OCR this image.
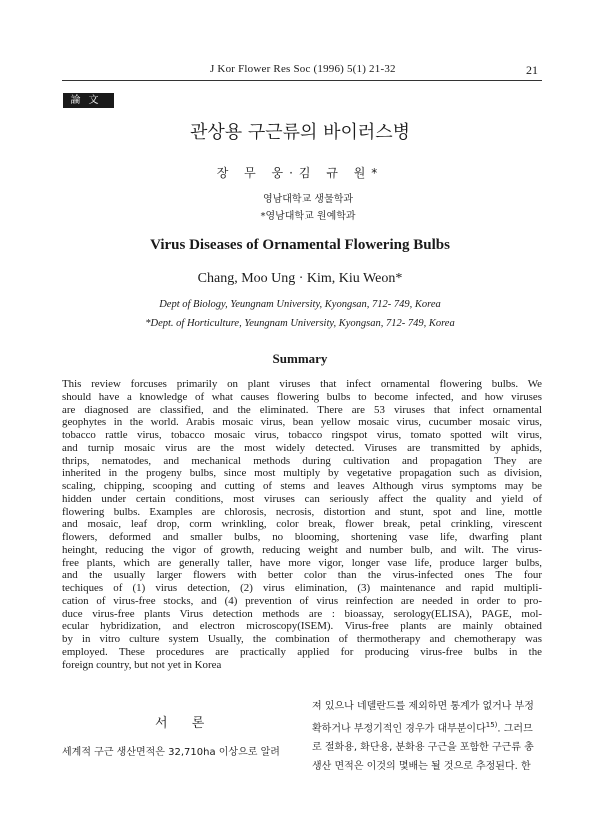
J Kor Flower Res Soc (1996) 5(1) 21-32	21
論文
관상용 구근류의 바이러스병
장 무 웅·김 규 원*
영남대학교 생물학과
*영남대학교 원예학과
Virus Diseases of Ornamental Flowering Bulbs
Chang, Moo Ung · Kim, Kiu Weon*
Dept of Biology, Yeungnam University, Kyongsan, 712- 749, Korea
*Dept. of Horticulture, Yeungnam University, Kyongsan, 712- 749, Korea
Summary
This review forcuses primarily on plant viruses that infect ornamental flowering bulbs. We
should have a knowledge of what causes flowering bulbs to become infected, and how viruses
are diagnosed are classified, and the eliminated. There are 53 viruses that infect ornamental
geophytes in the world. Arabis mosaic virus, bean yellow mosaic virus, cucumber mosaic virus,
tobacco rattle virus, tobacco mosaic virus, tobacco ringspot virus, tomato spotted wilt virus,
and turnip mosaic virus are the most widely detected. Viruses are transmitted by aphids,
thrips, nematodes, and mechanical methods during cultivation and propagation They are
inherited in the progeny bulbs, since most multiply by vegetative propagation such as division,
scaling, chipping, scooping and cutting of stems and leaves Although virus symptoms may be
hidden under certain conditions, most viruses can seriously affect the quality and yield of
flowering bulbs. Examples are chlorosis, necrosis, distortion and stunt, spot and line, mottle
and mosaic, leaf drop, corm wrinkling, color break, flower break, petal crinkling, virescent
flowers, deformed and smaller bulbs, no blooming, shortening vase life, dwarfing plant
heinght, reducing the vigor of growth, reducing weight and number bulb, and wilt. The virus-
free plants, which are generally taller, have more vigor, longer vase life, produce larger bulbs,
and the usually larger flowers with better color than the virus-infected ones The four
techiques of (1) virus detection, (2) virus elimination, (3) maintenance and rapid multipli-
cation of virus-free stocks, and (4) prevention of virus reinfection are needed in order to pro-
duce virus-free plants Virus detection methods are : bioassay, serology(ELISA), PAGE, mol-
ecular hybridization, and electron microscopy(ISEM). Virus-free plants are mainly obtained
by in vitro culture system Usually, the combination of thermotherapy and chemotherapy was
employed. These procedures are practically applied for producing virus-free bulbs in the
foreign country, but not yet in Korea
서 론
세계적 구근 생산면적은 32,710ha 이상으로 알려
져 있으나 네델란드를 제외하면 통계가 없거나 부정
확하거나 부정기적인 경우가 대부분이다$^{15)}$. 그러므
로 절화용, 화단용, 분화용 구근을 포함한 구근류 총
생산 면적은 이것의 몇배는 될 것으로 추정된다. 한
